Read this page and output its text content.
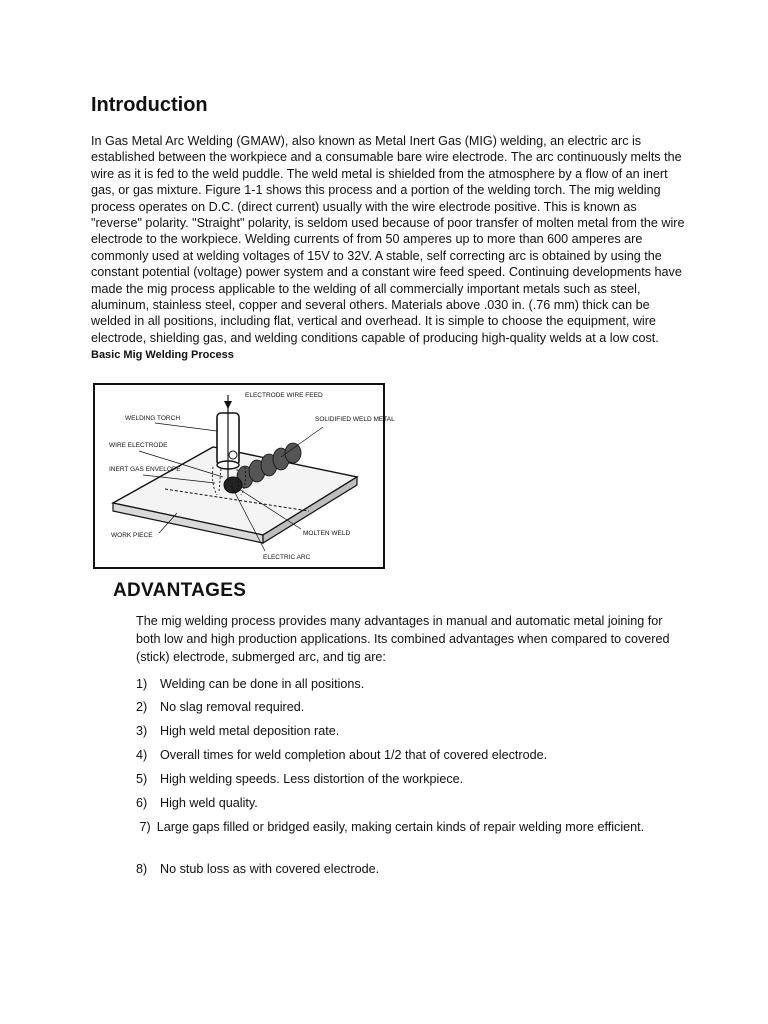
Introduction

In Gas Metal Arc Welding (GMAW), also known as Metal Inert Gas (MIG) welding, an electric arc is established between the workpiece and a consumable bare wire electrode. The arc continuously melts the wire as it is fed to the weld puddle. The weld metal is shielded from the atmosphere by a flow of an inert gas, or gas mixture. Figure 1-1 shows this process and a portion of the welding torch. The mig welding process operates on D.C. (direct current) usually with the wire electrode positive. This is known as "reverse" polarity. "Straight" polarity, is seldom used because of poor transfer of molten metal from the wire electrode to the workpiece. Welding currents of from 50 amperes up to more than 600 amperes are commonly used at welding voltages of 15V to 32V. A stable, self correcting arc is obtained by using the constant potential (voltage) power system and a constant wire feed speed. Continuing developments have made the mig process applicable to the welding of all commercially important metals such as steel, aluminum, stainless steel, copper and several others. Materials above .030 in. (.76 mm) thick can be welded in all positions, including flat, vertical and overhead. It is simple to choose the equipment, wire electrode, shielding gas, and welding conditions capable of producing high-quality welds at a low cost. Basic Mig Welding Process

ELECTRODE WIRE FEED
WELDING TORCH
WIRE ELECTRODE
INERT GAS ENVELOPE
SOLIDIFIED WELD METAL
WORK PIECE	MOLTEN WELD
ELECTRIC ARC
ADVANTAGES

The mig welding process provides many advantages in manual and automatic metal joining for both low and high production applications. Its combined advantages when compared to covered (stick) electrode, submerged arc, and tig are:

1) Welding can be done in all positions.

2) No slag removal required.

3) High weld metal deposition rate.

4) Overall times for weld completion about 1/2 that of covered electrode.

5) High welding speeds. Less distortion of the workpiece.

6) High weld quality.

7) Large gaps filled or bridged easily, making certain kinds of repair welding more efficient.

8) No stub loss as with covered electrode.
